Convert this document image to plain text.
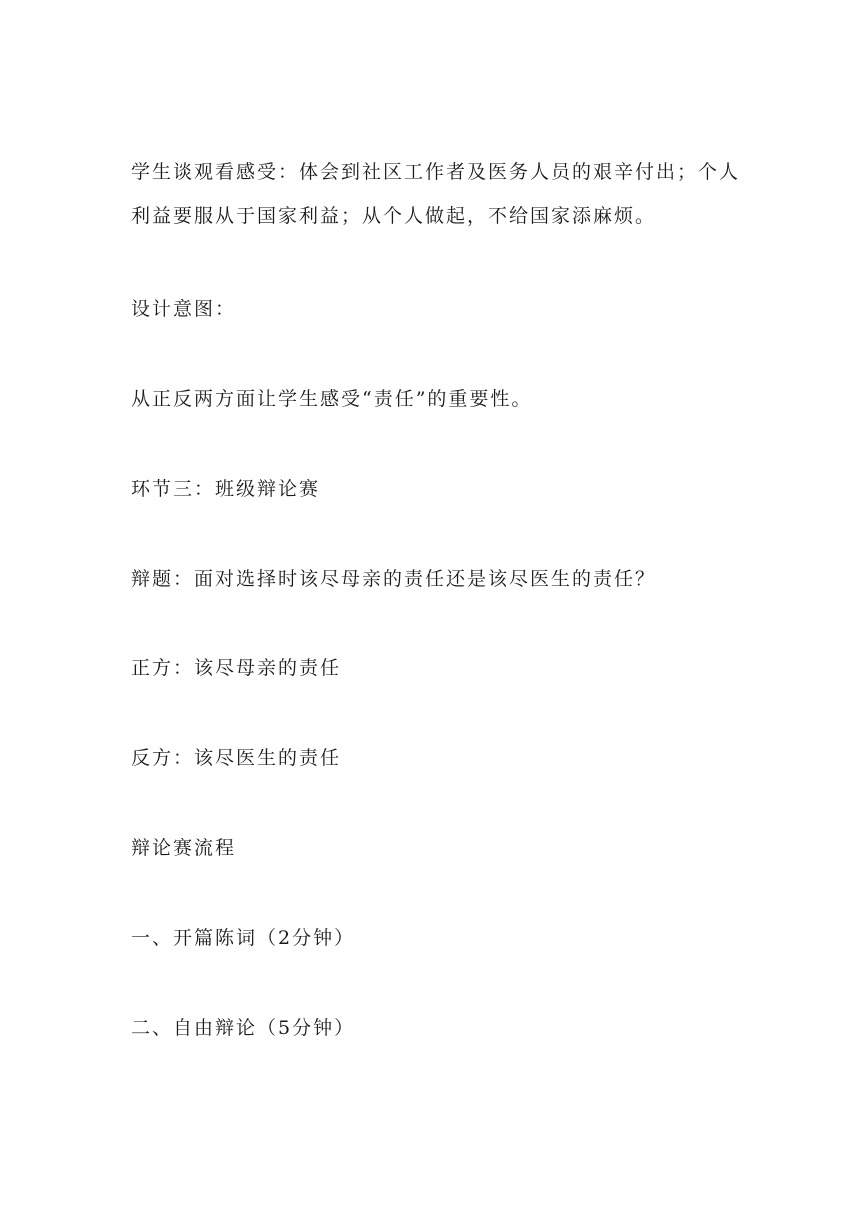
学生谈观看感受：体会到社区工作者及医务人员的艰辛付出；个人利益要服从于国家利益；从个人做起，不给国家添麻烦。

设计意图：

从正反两方面让学生感受“责任”的重要性。

环节三：班级辩论赛

辩题：面对选择时该尽母亲的责任还是该尽医生的责任？

正方：该尽母亲的责任

反方：该尽医生的责任

辩论赛流程

一、开篇陈词（2分钟）

二、自由辩论（5分钟）
